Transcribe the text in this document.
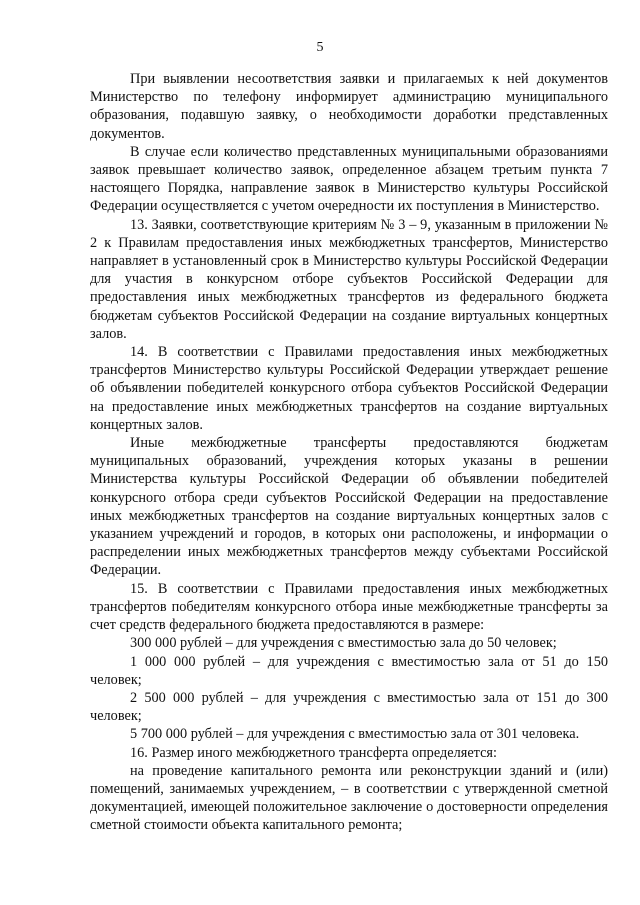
5

При выявлении несоответствия заявки и прилагаемых к ней документов Министерство по телефону информирует администрацию муниципального образования, подавшую заявку, о необходимости доработки представленных документов.

В случае если количество представленных муниципальными образованиями заявок превышает количество заявок, определенное абзацем третьим пункта 7 настоящего Порядка, направление заявок в Министерство культуры Российской Федерации осуществляется с учетом очередности их поступления в Министерство.

13. Заявки, соответствующие критериям № 3 – 9, указанным в приложении № 2 к Правилам предоставления иных межбюджетных трансфертов, Министерство направляет в установленный срок в Министерство культуры Российской Федерации для участия в конкурсном отборе субъектов Российской Федерации для предоставления иных межбюджетных трансфертов из федерального бюджета бюджетам субъектов Российской Федерации на создание виртуальных концертных залов.

14. В соответствии с Правилами предоставления иных межбюджетных трансфертов Министерство культуры Российской Федерации утверждает решение об объявлении победителей конкурсного отбора субъектов Российской Федерации на предоставление иных межбюджетных трансфертов на создание виртуальных концертных залов.

Иные межбюджетные трансферты предоставляются бюджетам муниципальных образований, учреждения которых указаны в решении Министерства культуры Российской Федерации об объявлении победителей конкурсного отбора среди субъектов Российской Федерации на предоставление иных межбюджетных трансфертов на создание виртуальных концертных залов с указанием учреждений и городов, в которых они расположены, и информации о распределении иных межбюджетных трансфертов между субъектами Российской Федерации.

15. В соответствии с Правилами предоставления иных межбюджетных трансфертов победителям конкурсного отбора иные межбюджетные трансферты за счет средств федерального бюджета предоставляются в размере:

300 000 рублей – для учреждения с вместимостью зала до 50 человек;

1 000 000 рублей – для учреждения с вместимостью зала от 51 до 150 человек;

2 500 000 рублей – для учреждения с вместимостью зала от 151 до 300 человек;

5 700 000 рублей – для учреждения с вместимостью зала от 301 человека.

16. Размер иного межбюджетного трансферта определяется:

на проведение капитального ремонта или реконструкции зданий и (или) помещений, занимаемых учреждением, – в соответствии с утвержденной сметной документацией, имеющей положительное заключение о достоверности определения сметной стоимости объекта капитального ремонта;
